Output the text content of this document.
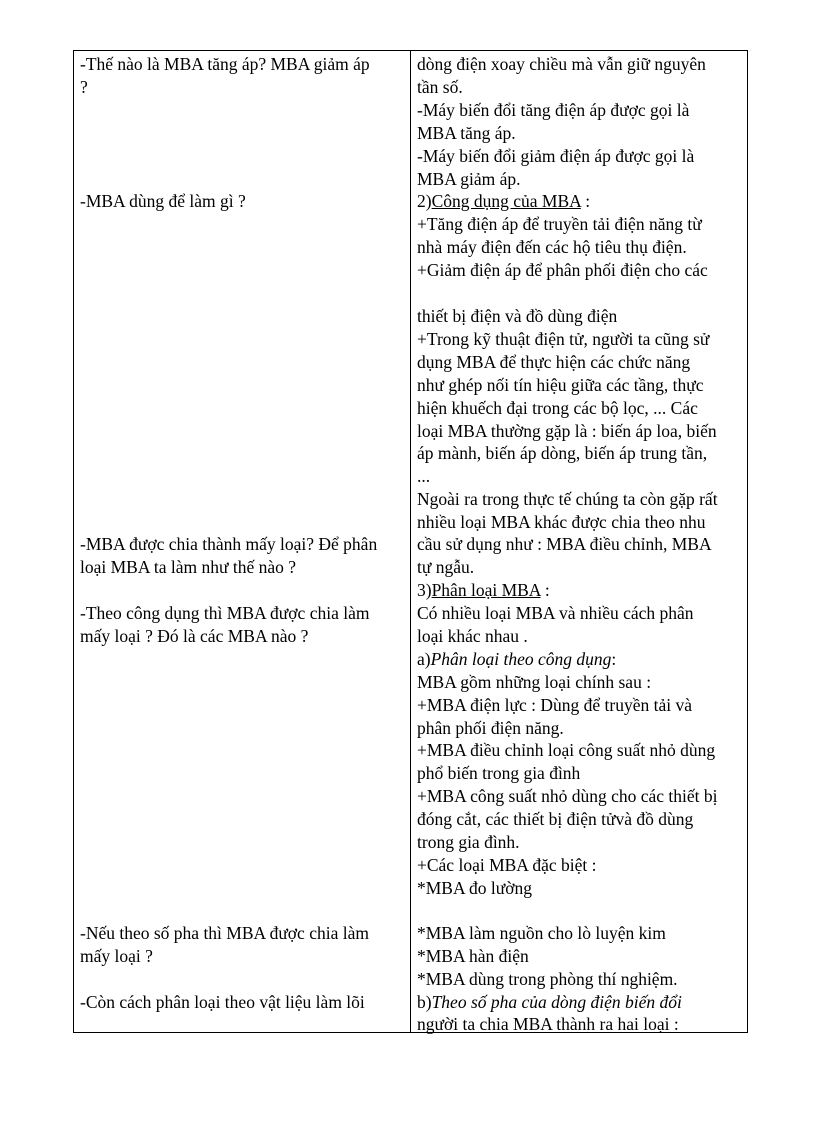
-Thế nào là MBA tăng áp? MBA giảm áp
?
-MBA dùng để làm gì ?
-MBA được chia thành mấy loại? Để phân
loại MBA ta làm như thế nào ?
-Theo công dụng thì MBA được chia làm
mấy loại ? Đó là các MBA nào ?
-Nếu theo số pha thì MBA được chia làm
mấy loại ?
-Còn cách phân loại theo vật liệu làm lõi
dòng điện xoay chiều mà vẫn giữ nguyên
tần số.
-Máy biến đổi tăng điện áp được gọi là
MBA tăng áp.
-Máy biến đổi giảm điện áp được gọi là
MBA giảm áp.
2)Công dụng của MBA :
+Tăng điện áp để truyền tải điện năng từ
nhà máy điện đến các hộ tiêu thụ điện.
+Giảm điện áp để phân phối điện cho các
thiết bị điện và đồ dùng điện
+Trong kỹ thuật điện tử, người ta cũng sử
dụng MBA để thực hiện các chức năng
như ghép nối tín hiệu giữa các tầng, thực
hiện khuếch đại trong các bộ lọc, ... Các
loại MBA thường gặp là : biến áp loa, biến
áp mành, biến áp dòng, biến áp trung tần,
...
Ngoài ra trong thực tế chúng ta còn gặp rất
nhiều loại MBA khác được chia theo nhu
cầu sử dụng như : MBA điều chỉnh, MBA
tự ngẫu.
3)Phân loại MBA :
Có nhiều loại MBA và nhiều cách phân
loại khác nhau .
a)Phân loại theo công dụng:
MBA gồm những loại chính sau :
+MBA điện lực : Dùng để truyền tải và
phân phối điện năng.
+MBA điều chỉnh loại công suất nhỏ dùng
phổ biến trong gia đình
+MBA công suất nhỏ dùng cho các thiết bị
đóng cắt, các thiết bị điện tửvà đồ dùng
trong gia đình.
+Các loại MBA đặc biệt :
*MBA đo lường
*MBA làm nguồn cho lò luyện kim
*MBA hàn điện
*MBA dùng trong phòng thí nghiệm.
b)Theo số pha của dòng điện biến đổi
người ta chia MBA thành ra hai loại :
